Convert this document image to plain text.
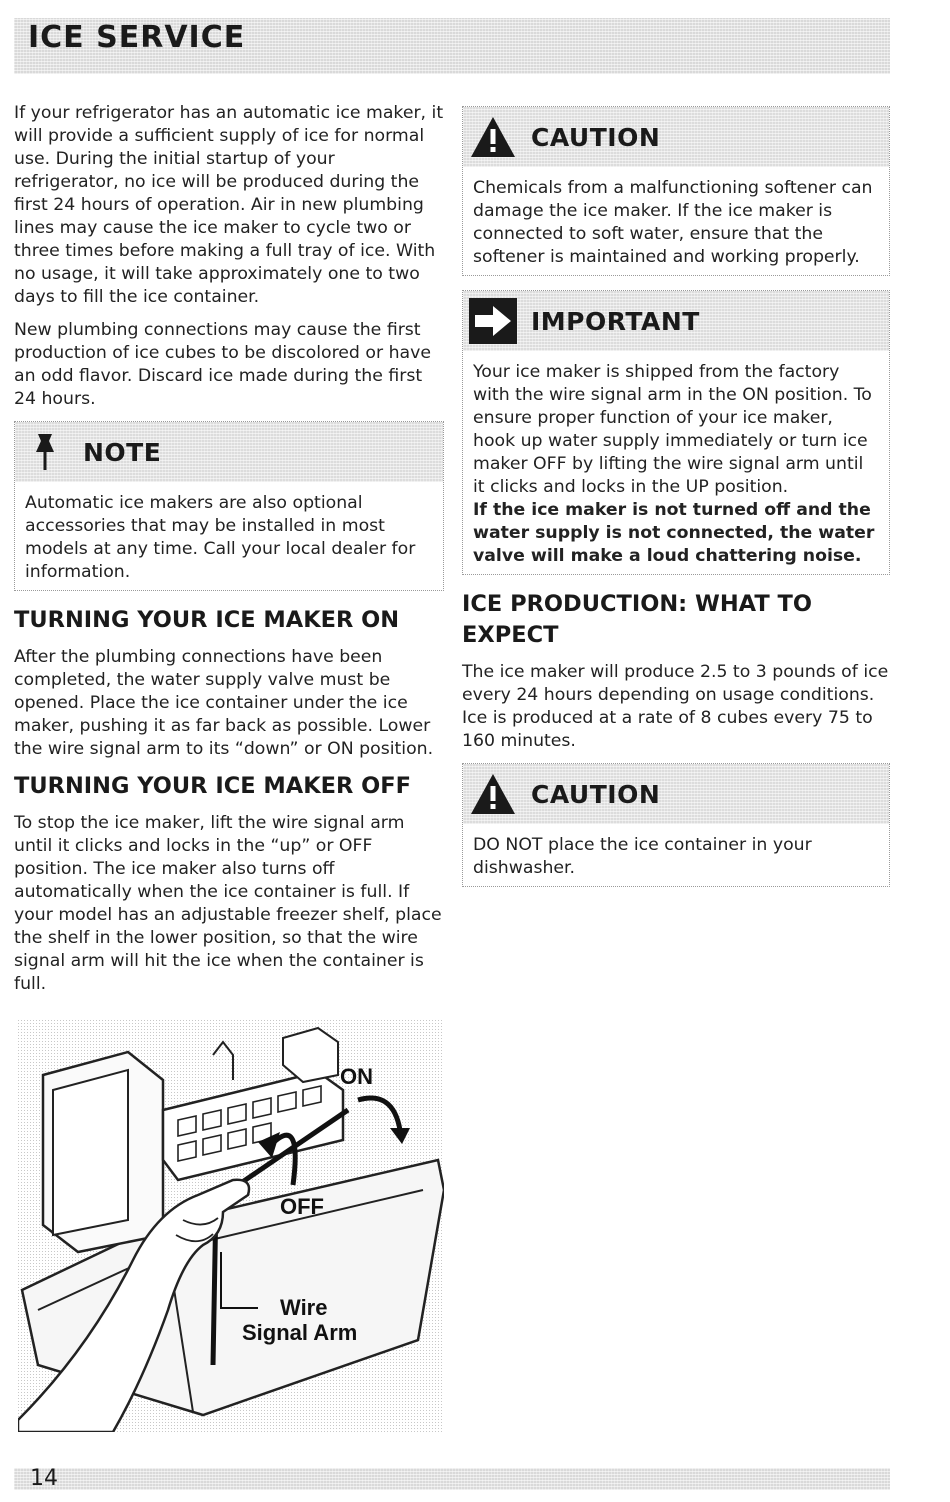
ICE SERVICE

If your refrigerator has an automatic ice maker, it will provide a sufficient supply of ice for normal use. During the initial startup of your refrigerator, no ice will be produced during the first 24 hours of operation. Air in new plumbing lines may cause the ice maker to cycle two or three times before making a full tray of ice. With no usage, it will take approximately one to two days to fill the ice container.

New plumbing connections may cause the first production of ice cubes to be discolored or have an odd flavor. Discard ice made during the first 24 hours.

NOTE
Automatic ice makers are also optional accessories that may be installed in most models at any time. Call your local dealer for information.
TURNING YOUR ICE MAKER ON

After the plumbing connections have been completed, the water supply valve must be opened. Place the ice container under the ice maker, pushing it as far back as possible. Lower the wire signal arm to its “down” or ON position.

TURNING YOUR ICE MAKER OFF

To stop the ice maker, lift the wire signal arm until it clicks and locks in the “up” or OFF position. The ice maker also turns off automatically when the ice container is full. If your model has an adjustable freezer shelf, place the shelf in the lower position, so that the wire signal arm will hit the ice when the container is full.

ON
OFF
Wire
Signal Arm
CAUTION
Chemicals from a malfunctioning softener can damage the ice maker. If the ice maker is connected to soft water, ensure that the softener is maintained and working properly.
IMPORTANT
Your ice maker is shipped from the factory with the wire signal arm in the ON position. To ensure proper function of your ice maker, hook up water supply immediately or turn ice maker OFF by lifting the wire signal arm until it clicks and locks in the UP position.
If the ice maker is not turned off and the water supply is not connected, the water valve will make a loud chattering noise.
ICE PRODUCTION: WHAT TO EXPECT

The ice maker will produce 2.5 to 3 pounds of ice every 24 hours depending on usage conditions. Ice is produced at a rate of 8 cubes every 75 to 160 minutes.

CAUTION
DO NOT place the ice container in your dishwasher.
14
